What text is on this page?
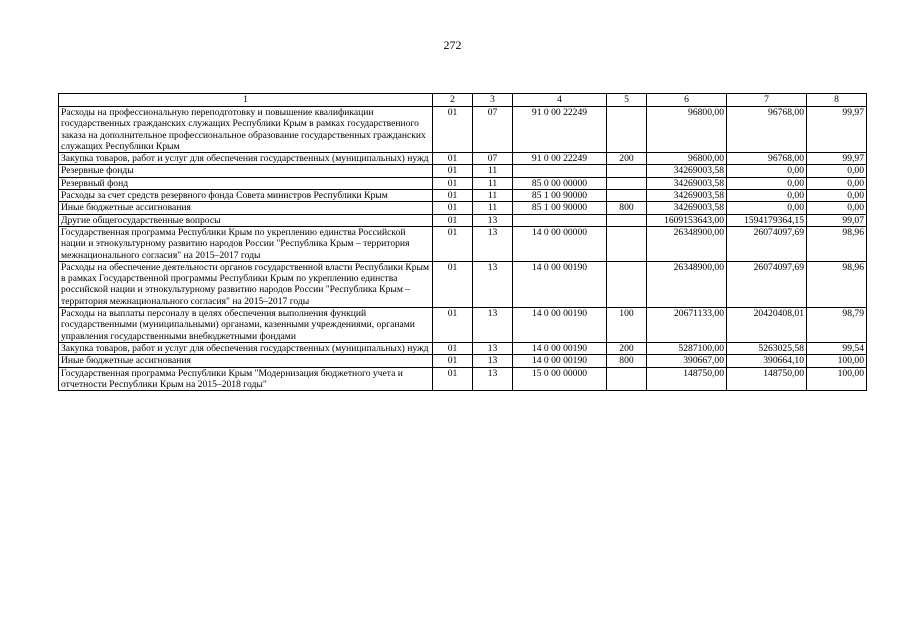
272
1	2	3	4	5	6	7	8
Расходы на профессиональную переподготовку и повышение квалификации государственных гражданских служащих Республики Крым в рамках государственного заказа на дополнительное профессиональное образование государственных гражданских служащих Республики Крым	01	07	91 0 00 22249		96800,00	96768,00	99,97
Закупка товаров, работ и услуг для обеспечения государственных (муниципальных) нужд	01	07	91 0 00 22249	200	96800,00	96768,00	99,97
Резервные фонды	01	11			34269003,58	0,00	0,00
Резервный фонд	01	11	85 0 00 00000		34269003,58	0,00	0,00
Расходы за счет средств резервного фонда Совета министров Республики Крым	01	11	85 1 00 90000		34269003,58	0,00	0,00
Иные бюджетные ассигнования	01	11	85 1 00 90000	800	34269003,58	0,00	0,00
Другие общегосударственные вопросы	01	13			1609153643,00	1594179364,15	99,07
Государственная программа Республики Крым по укреплению единства Российской нации и этнокультурному развитию народов России "Республика Крым – территория межнационального согласия" на 2015–2017 годы	01	13	14 0 00 00000		26348900,00	26074097,69	98,96
Расходы на обеспечение деятельности органов государственной власти Республики Крым в рамках Государственной программы Республики Крым по укреплению единства российской нации и этнокультурному развитию народов России "Республика Крым – территория межнационального согласия" на 2015–2017 годы	01	13	14 0 00 00190		26348900,00	26074097,69	98,96
Расходы на выплаты персоналу в целях обеспечения выполнения функций государственными (муниципальными) органами, казенными учреждениями, органами управления государственными внебюджетными фондами	01	13	14 0 00 00190	100	20671133,00	20420408,01	98,79
Закупка товаров, работ и услуг для обеспечения государственных (муниципальных) нужд	01	13	14 0 00 00190	200	5287100,00	5263025,58	99,54
Иные бюджетные ассигнования	01	13	14 0 00 00190	800	390667,00	390664,10	100,00
Государственная программа Республики Крым "Модернизация бюджетного учета и отчетности Республики Крым на 2015–2018 годы"	01	13	15 0 00 00000		148750,00	148750,00	100,00
